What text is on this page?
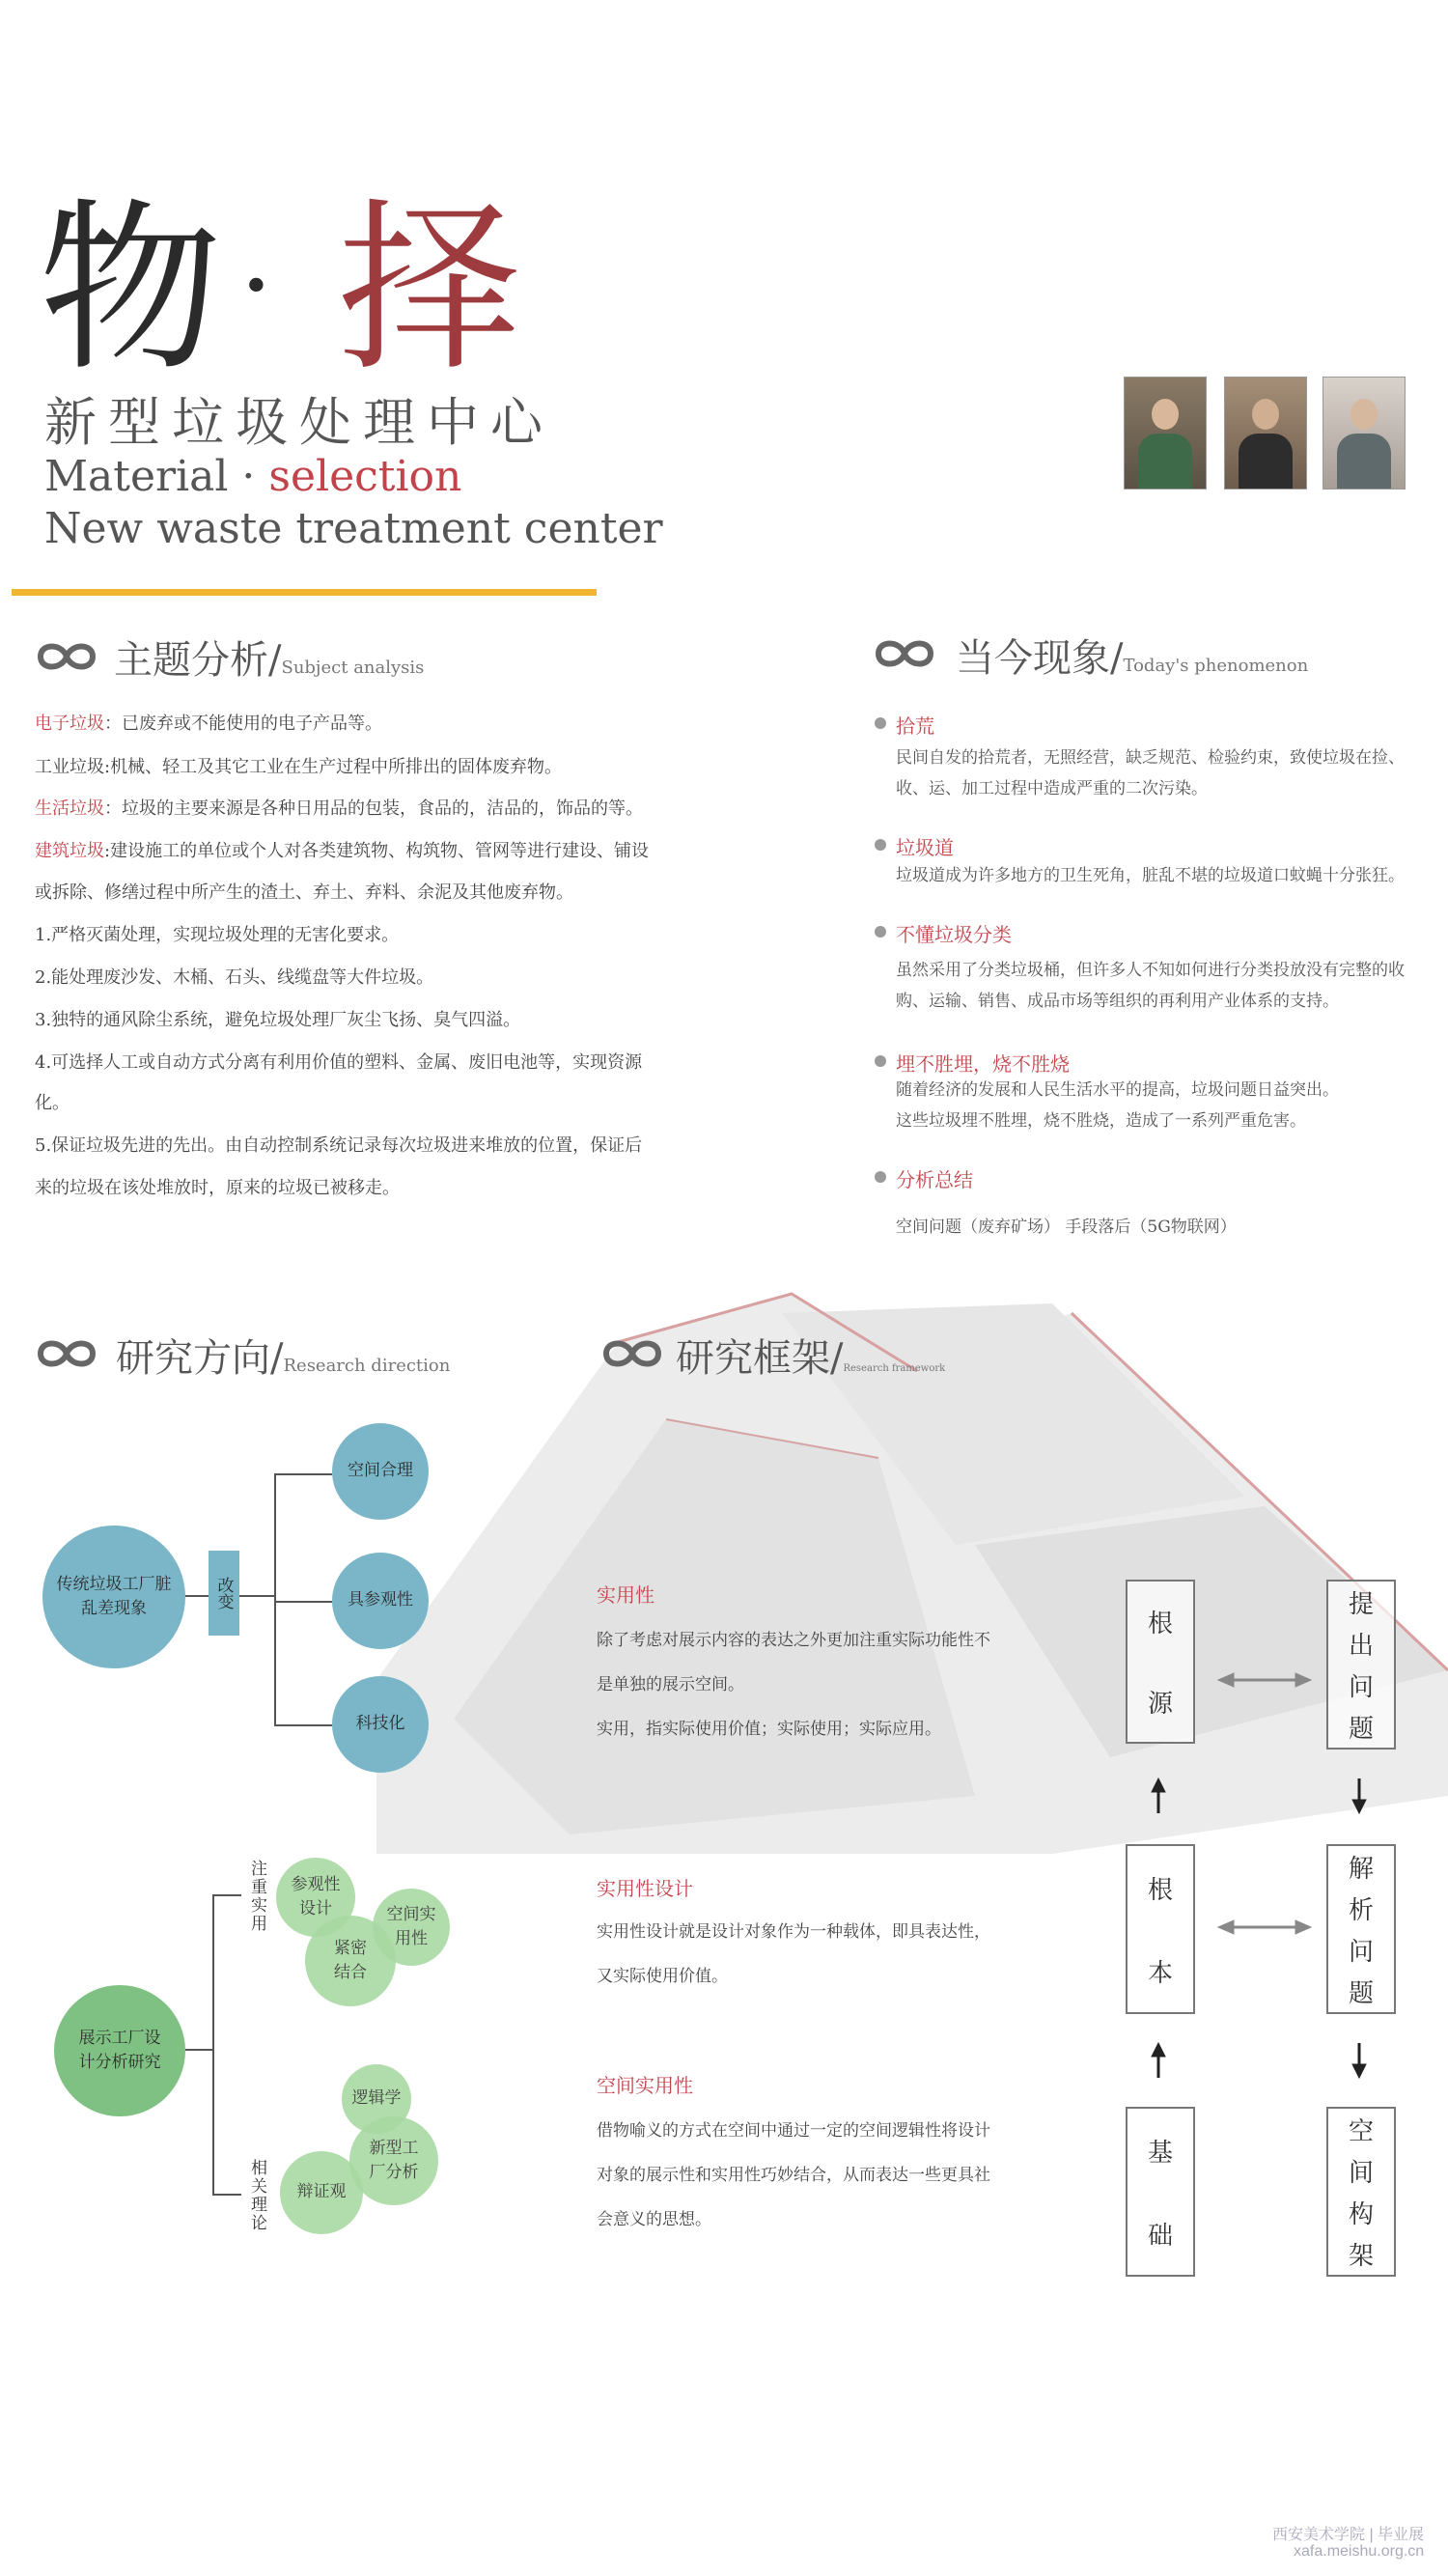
物 · 择
新型垃圾处理中心
Material · selection
New waste treatment center
主题分析/Subject analysis
电子垃圾：已废弃或不能使用的电子产品等。
工业垃圾:机械、轻工及其它工业在生产过程中所排出的固体废弃物。
生活垃圾：垃圾的主要来源是各种日用品的包装，食品的，洁品的，饰品的等。
建筑垃圾:建设施工的单位或个人对各类建筑物、构筑物、管网等进行建设、铺设
或拆除、修缮过程中所产生的渣土、弃土、弃料、余泥及其他废弃物。
1.严格灭菌处理，实现垃圾处理的无害化要求。
2.能处理废沙发、木桶、石头、线缆盘等大件垃圾。
3.独特的通风除尘系统，避免垃圾处理厂灰尘飞扬、臭气四溢。
4.可选择人工或自动方式分离有利用价值的塑料、金属、废旧电池等，实现资源
化。
5.保证垃圾先进的先出。由自动控制系统记录每次垃圾进来堆放的位置，保证后
来的垃圾在该处堆放时，原来的垃圾已被移走。
当今现象/Today's phenomenon
拾荒
民间自发的拾荒者，无照经营，缺乏规范、检验约束，致使垃圾在捡、
收、运、加工过程中造成严重的二次污染。
垃圾道
垃圾道成为许多地方的卫生死角，脏乱不堪的垃圾道口蚊蝇十分张狂。
不懂垃圾分类
虽然采用了分类垃圾桶，但许多人不知如何进行分类投放没有完整的收
购、运输、销售、成品市场等组织的再利用产业体系的支持。
埋不胜埋，烧不胜烧
随着经济的发展和人民生活水平的提高，垃圾问题日益突出。
这些垃圾埋不胜埋，烧不胜烧，造成了一系列严重危害。
分析总结
空间问题（废弃矿场） 手段落后（5G物联网）
研究方向/Research direction
传统垃圾工厂脏乱差现象	改变
空间合理
具参观性
科技化
展示工厂设计分析研究
注重实用
相关理论
参观性设计
紧密结合
空间实用性
逻辑学
新型工厂分析
辩证观
研究框架/Research framework
实用性
除了考虑对展示内容的表达之外更加注重实际功能性不
是单独的展示空间。
实用，指实际使用价值；实际使用；实际应用。
实用性设计
实用性设计就是设计对象作为一种载体，即具表达性，
又实际使用价值。
空间实用性
借物喻义的方式在空间中通过一定的空间逻辑性将设计
对象的展示性和实用性巧妙结合，从而表达一些更具社
会意义的思想。
根
源
根
本
基
础
提
出
问
题
解
析
问
题
空
间
构
架
西安美术学院 | 毕业展
xafa.meishu.org.cn
